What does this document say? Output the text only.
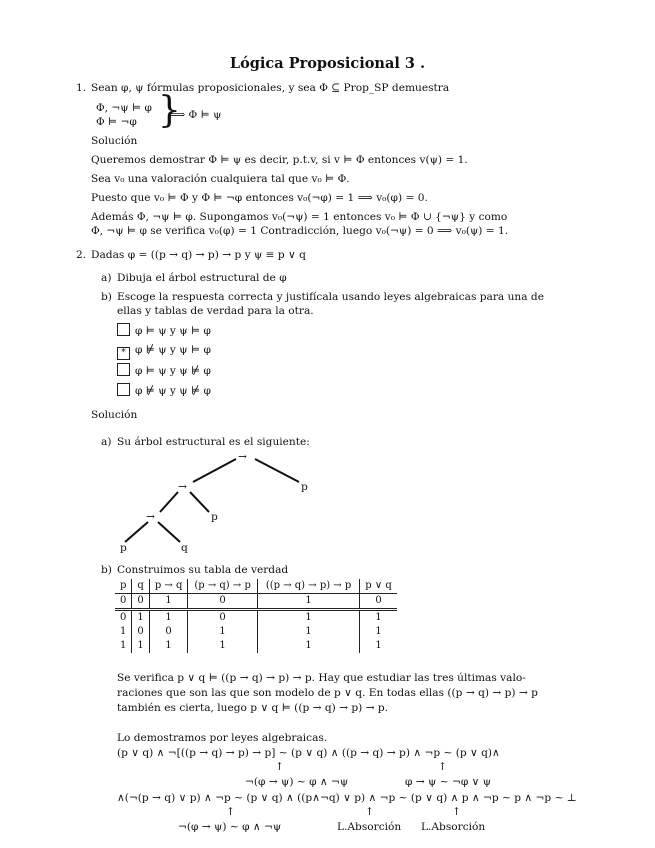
Lógica Proposicional 3 .
1. Sean φ, ψ fórmulas proposicionales, y sea Φ ⊆ Prop_SP demuestra
Φ, ¬ψ ⊨ φ
Φ ⊨ ¬φ }
⟹ Φ ⊨ ψ
Solución
Queremos demostrar Φ ⊨ ψ es decir, p.t.v, si v ⊨ Φ entonces v(ψ) = 1.
Sea v₀ una valoración cualquiera tal que v₀ ⊨ Φ.
Puesto que v₀ ⊨ Φ y Φ ⊨ ¬φ entonces v₀(¬φ) = 1 ⟹ v₀(φ) = 0.
Además Φ, ¬ψ ⊨ φ. Supongamos v₀(¬ψ) = 1 entonces v₀ ⊨ Φ ∪ {¬ψ} y como
Φ, ¬ψ ⊨ φ se verifica v₀(φ) = 1 Contradicción, luego v₀(¬ψ) = 0 ⟹ v₀(ψ) = 1.
2. Dadas φ = ((p → q) → p) → p y ψ ≡ p ∨ q
a) Dibuja el árbol estructural de φ
b) Escoge la respuesta correcta y justifícala usando leyes algebraicas para una de
ellas y tablas de verdad para la otra.
φ ⊨ ψ y ψ ⊨ φ
* φ ⊭ ψ y ψ ⊨ φ
φ ⊨ ψ y ψ ⊭ φ
φ ⊭ ψ y ψ ⊭ φ
Solución
a) Su árbol estructural es el siguiente:
→
→	p
→	p
p	q
b) Construimos su tabla de verdad
p	q	p → q	(p → q) → p	((p → q) → p) → p	p ∨ q
0	0	1	0	1	0
0	1	1	0	1	1
1	0	0	1	1	1
1	1	1	1	1	1
Se verifica p ∨ q ⊨ ((p → q) → p) → p. Hay que estudiar las tres últimas valo-
raciones que son las que son modelo de p ∨ q. En todas ellas ((p → q) → p) → p
también es cierta, luego p ∨ q ⊨ ((p → q) → p) → p.
Lo demostramos por leyes algebraicas.
(p ∨ q) ∧ ¬[((p → q) → p) → p] ∼ (p ∨ q) ∧ ((p → q) → p) ∧ ¬p ∼ (p ∨ q)∧
↑	↑
¬(φ → ψ) ∼ φ ∧ ¬ψ	φ → ψ ∼ ¬φ ∨ ψ
∧(¬(p → q) ∨ p) ∧ ¬p ∼ (p ∨ q) ∧ ((p∧¬q) ∨ p) ∧ ¬p ∼ (p ∨ q) ∧ p ∧ ¬p ∼ p ∧ ¬p ∼ ⊥
↑	↑	↑
¬(φ → ψ) ∼ φ ∧ ¬ψ	L.Absorción L.Absorción
